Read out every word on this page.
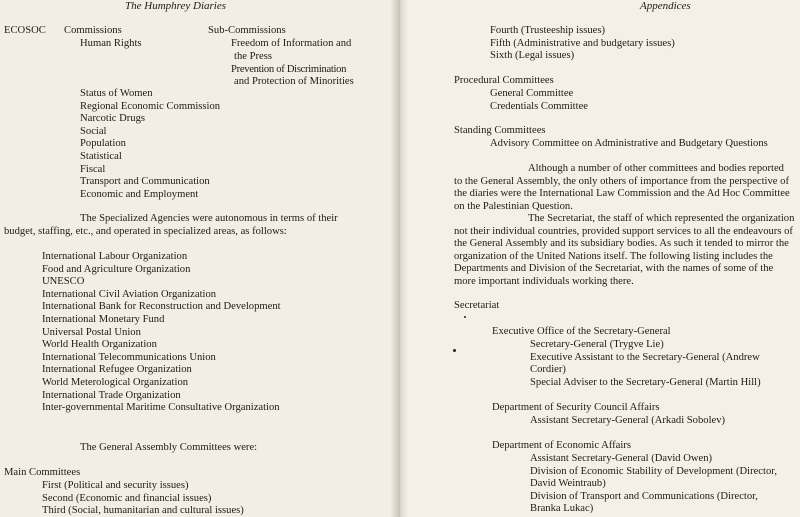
The Humphrey Diaries
ECOSOC Commissions
Human Rights
Sub-Commissions
Freedom of Information and
the Press
Prevention of Discrimination
and Protection of Minorities
Status of Women
Regional Economic Commission
Narcotic Drugs
Social
Population
Statistical
Fiscal
Transport and Communication
Economic and Employment
The Specialized Agencies were autonomous in terms of their
budget, staffing, etc., and operated in specialized areas, as follows:
International Labour Organization
Food and Agriculture Organization
UNESCO
International Civil Aviation Organization
International Bank for Reconstruction and Development
International Monetary Fund
Universal Postal Union
World Health Organization
International Telecommunications Union
International Refugee Organization
World Meterological Organization
International Trade Organization
Inter-governmental Maritime Consultative Organization
The General Assembly Committees were:
Main Committees
First (Political and security issues)
Second (Economic and financial issues)
Third (Social, humanitarian and cultural issues)
Appendices
Fourth (Trusteeship issues)
Fifth (Administrative and budgetary issues)
Sixth (Legal issues)
Procedural Committees
General Committee
Credentials Committee
Standing Committees
Advisory Committee on Administrative and Budgetary Questions
Although a number of other committees and bodies reported
to the General Assembly, the only others of importance from the perspective of
the diaries were the International Law Commission and the Ad Hoc Committee
on the Palestinian Question.
The Secretariat, the staff of which represented the organization
not their individual countries, provided support services to all the endeavours of
the General Assembly and its subsidiary bodies. As such it tended to mirror the
organization of the United Nations itself. The following listing includes the
Departments and Division of the Secretariat, with the names of some of the
more important individuals working there.
Secretariat
Executive Office of the Secretary-General
Secretary-General (Trygve Lie)
Executive Assistant to the Secretary-General (Andrew
Cordier)
Special Adviser to the Secretary-General (Martin Hill)
Department of Security Council Affairs
Assistant Secretary-General (Arkadi Sobolev)
Department of Economic Affairs
Assistant Secretary-General (David Owen)
Division of Economic Stability of Development (Director,
David Weintraub)
Division of Transport and Communications (Director,
Branka Lukac)
